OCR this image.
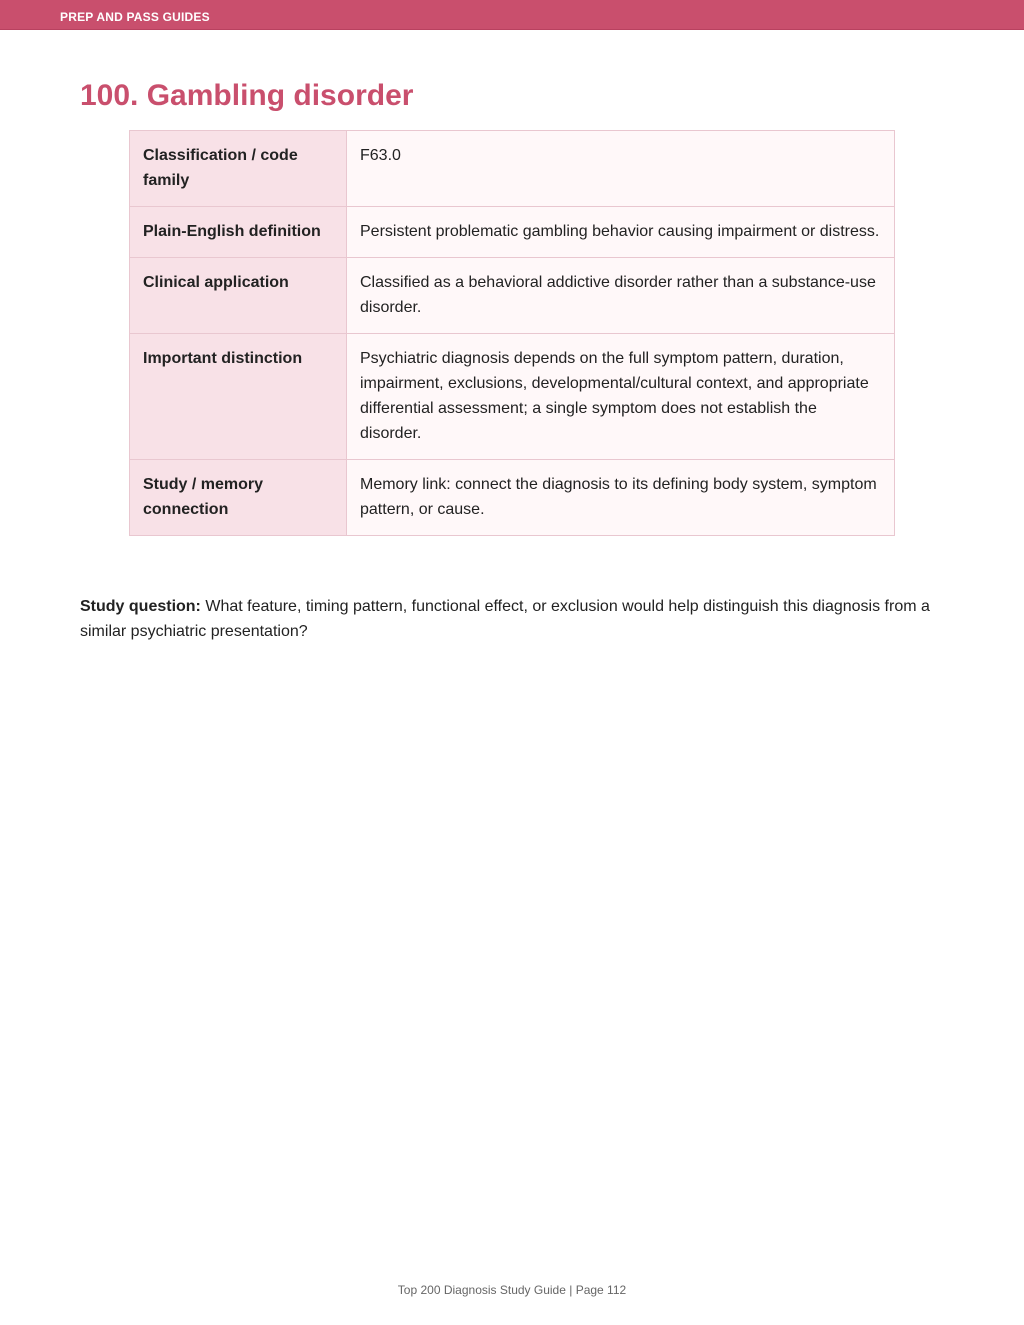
PREP AND PASS GUIDES
100. Gambling disorder
Classification / code family	F63.0
Plain-English definition	Persistent problematic gambling behavior causing impairment or distress.
Clinical application	Classified as a behavioral addictive disorder rather than a substance-use disorder.
Important distinction	Psychiatric diagnosis depends on the full symptom pattern, duration, impairment, exclusions, developmental/cultural context, and appropriate differential assessment; a single symptom does not establish the disorder.
Study / memory connection	Memory link: connect the diagnosis to its defining body system, symptom pattern, or cause.

Study question: What feature, timing pattern, functional effect, or exclusion would help distinguish this diagnosis from a similar psychiatric presentation?

Top 200 Diagnosis Study Guide | Page 112
